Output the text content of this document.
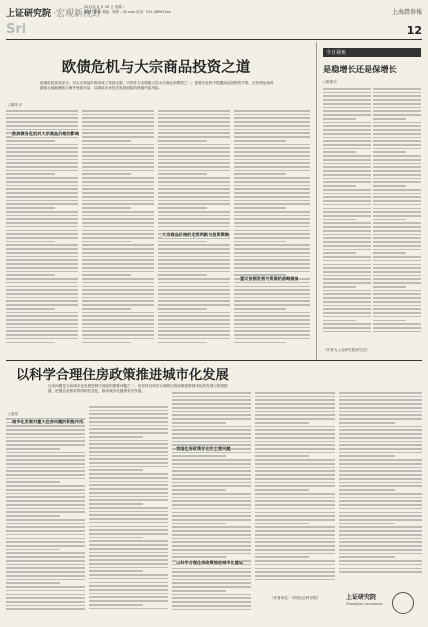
上证研究院 ·宏观新视野
2012年 6 月 26 日 星期二
编辑：张奇 美编：徐婷 ...@.com 电话：021-38967xxx
Sri
上海證券報
12
欧债危机与大宗商品投资之道
欧债危机演变至今，对大宗商品价格形成了持续压制，中国作为全球最大的大宗商品消费国之一，需要在危机中把握商品投资的节奏，在价格低迷时期加大战略储备与海外资源布局，以降低未来经济发展面临的资源约束风险。
○陈东平
欧洲债务危机对大宗商品价格的影响
大宗商品价格的走势判断与投资策略
建议依据发展与资源的战略储备
今日视角
是稳增长还是保增长
○陈建兵
（作者为上证研究院研究员）
以科学合理住房政策推进城市化发展
住房问题是当前城市化发展进程中面临的重要问题之一，应坚持以科学合理的住房政策统筹城市化的发展与资源配置，把握住房需求的结构性变化，推动城市化健康有序发展。
○张东
城市化发展对重大住房问题的积极作用
我国住房政策存在的主要问题
以科学合理住房政策推进城市化建设
（作者单位：中国社会科学院）	上证研究院
Shanghai Securities
